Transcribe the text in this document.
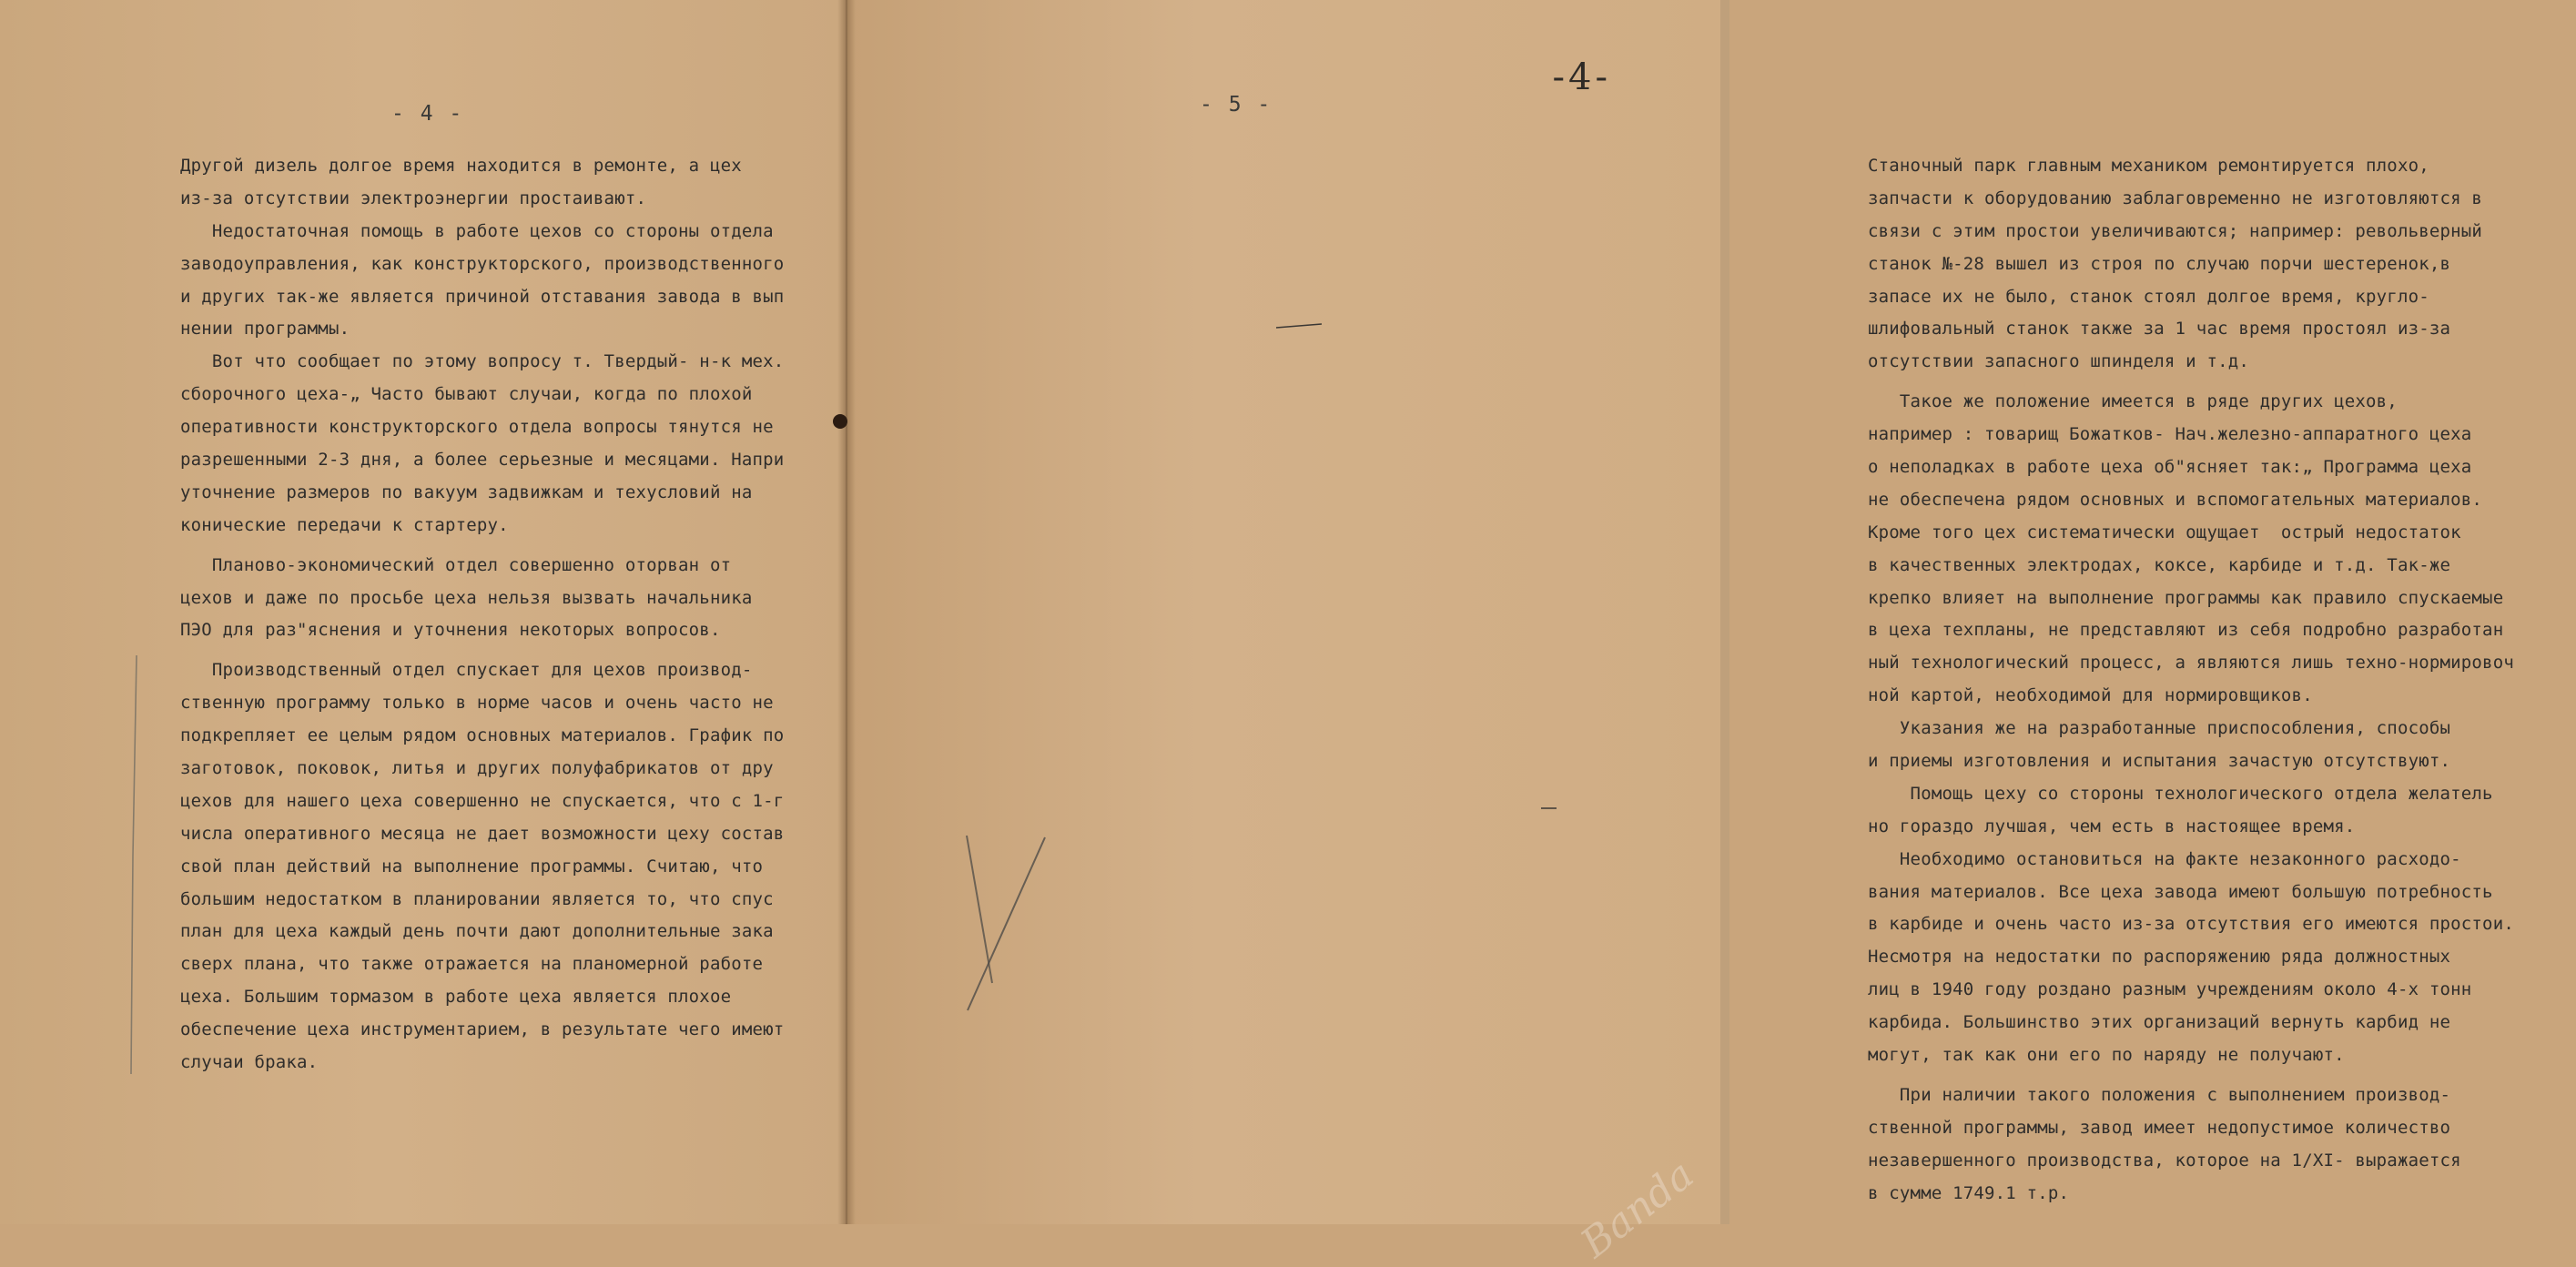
- 4 -
Другой дизель долгое время находится в ремонте, а цех
из-за отсутствии электроэнергии простаивают.
Недостаточная помощь в работе цехов со стороны отдела
заводоуправления, как конструкторского, производственного
и других так-же является причиной отставания завода в вып
нении программы.
Вот что сообщает по этому вопросу т. Твердый- н-к мех.
сборочного цеха-„ Часто бывают случаи, когда по плохой
оперативности конструкторского отдела вопросы тянутся не
разрешенными 2-3 дня, а более серьезные и месяцами. Напри
уточнение размеров по вакуум задвижкам и техусловий на
конические передачи к стартеру.
Планово-экономический отдел совершенно оторван от
цехов и даже по просьбе цеха нельзя вызвать начальника
ПЭО для раз"яснения и уточнения некоторых вопросов.
Производственный отдел спускает для цехов производ-
ственную программу только в норме часов и очень часто не
подкрепляет ее целым рядом основных материалов. График по
заготовок, поковок, литья и других полуфабрикатов от дру
цехов для нашего цеха совершенно не спускается, что с 1-г
числа оперативного месяца не дает возможности цеху состав
свой план действий на выполнение программы. Считаю, что
большим недостатком в планировании является то, что спус
план для цеха каждый день почти дают дополнительные зака
сверх плана, что также отражается на планомерной работе
цеха. Большим тормазом в работе цеха является плохое
обеспечение цеха инструментарием, в результате чего имеют
случаи брака.
- 5 -
-4-
Станочный парк главным механиком ремонтируется плохо,
запчасти к оборудованию заблаговременно не изготовляются в
связи с этим простои увеличиваются; например: револьверный
станок №-28 вышел из строя по случаю порчи шестеренок,в
запасе их не было, станок стоял долгое время, кругло-
шлифовальный станок также за 1 час время простоял из-за
отсутствии запасного шпинделя и т.д.
Такое же положение имеется в ряде других цехов,
например : товарищ Божатков- Нач.железно-аппаратного цеха
о неполадках в работе цеха об"ясняет так:„ Программа цеха
не обеспечена рядом основных и вспомогательных материалов.
Кроме того цех систематически ощущает  острый недостаток
в качественных электродах, коксе, карбиде и т.д. Так-же
крепко влияет на выполнение программы как правило спускаемые
в цеха техпланы, не представляют из себя подробно разработан
ный технологический процесс, а являются лишь техно-нормировоч
ной картой, необходимой для нормировщиков.
Указания же на разработанные приспособления, способы
и приемы изготовления и испытания зачастую отсутствуют.
Помощь цеху со стороны технологического отдела желатель
но гораздо лучшая, чем есть в настоящее время.
Необходимо остановиться на факте незаконного расходо-
вания материалов. Все цеха завода имеют большую потребность
в карбиде и очень часто из-за отсутствия его имеются простои.
Несмотря на недостатки по распоряжению ряда должностных
лиц в 1940 году роздано разным учреждениям около 4-х тонн
карбида. Большинство этих организаций вернуть карбид не
могут, так как они его по наряду не получают.
При наличии такого положения с выполнением производ-
ственной программы, завод имеет недопустимое количество
незавершенного производства, которое на 1/XI- выражается
в сумме 1749.1 т.р.
Banda
